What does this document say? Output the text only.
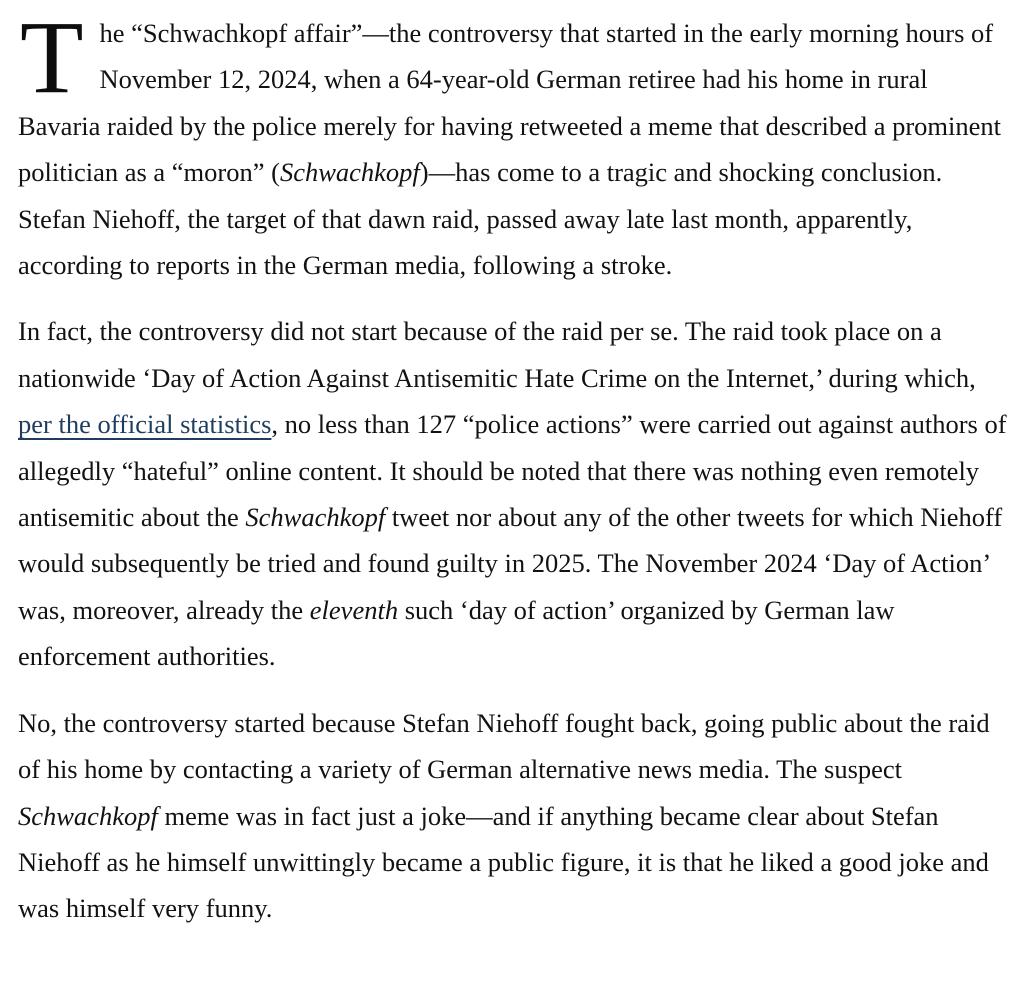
The “Schwachkopf affair”—the controversy that started in the early morning hours of November 12, 2024, when a 64-year-old German retiree had his home in rural Bavaria raided by the police merely for having retweeted a meme that described a prominent politician as a “moron” (Schwachkopf)—has come to a tragic and shocking conclusion. Stefan Niehoff, the target of that dawn raid, passed away late last month, apparently, according to reports in the German media, following a stroke.

In fact, the controversy did not start because of the raid per se. The raid took place on a nationwide ‘Day of Action Against Antisemitic Hate Crime on the Internet,’ during which, per the official statistics, no less than 127 “police actions” were carried out against authors of allegedly “hateful” online content. It should be noted that there was nothing even remotely antisemitic about the Schwachkopf tweet nor about any of the other tweets for which Niehoff would subsequently be tried and found guilty in 2025. The November 2024 ‘Day of Action’ was, moreover, already the eleventh such ‘day of action’ organized by German law enforcement authorities.

No, the controversy started because Stefan Niehoff fought back, going public about the raid of his home by contacting a variety of German alternative news media. The suspect Schwachkopf meme was in fact just a joke—and if anything became clear about Stefan Niehoff as he himself unwittingly became a public figure, it is that he liked a good joke and was himself very funny.
